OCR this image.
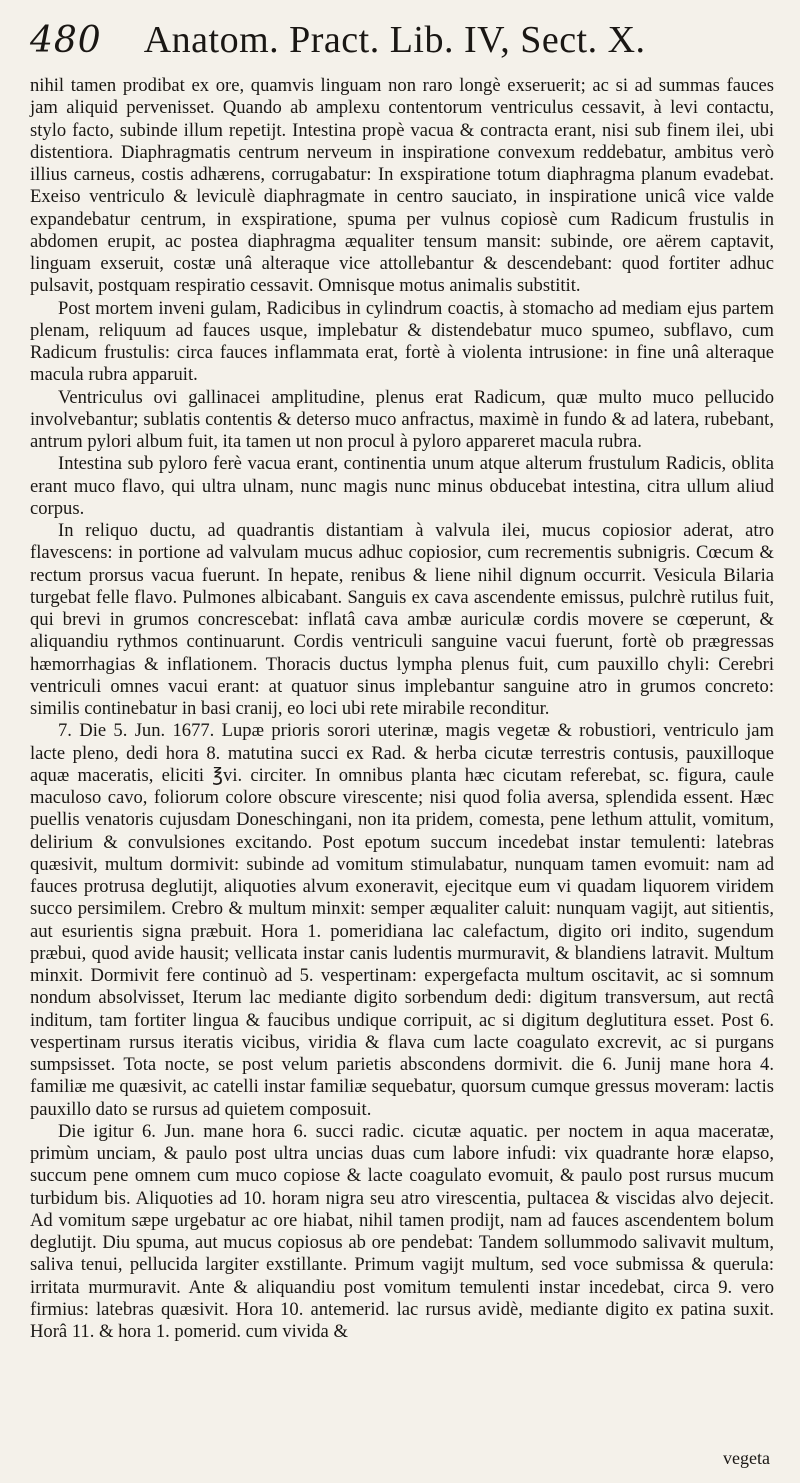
480 Anatom. Pract. Lib. IV, Sect. X.

nihil tamen prodibat ex ore, quamvis linguam non raro longè exseruerit; ac si ad summas fauces jam aliquid pervenisset. Quando ab amplexu contentorum ventriculus cessavit, à levi contactu, stylo facto, subinde illum repetijt. Intestina propè vacua & contracta erant, nisi sub finem ilei, ubi distentiora. Diaphragmatis centrum nerveum in inspiratione convexum reddebatur, ambitus verò illius carneus, costis adhærens, corrugabatur: In exspiratione totum diaphragma planum evadebat. Exeiso ventriculo & leviculè diaphragmate in centro sauciato, in inspiratione unicâ vice valde expandebatur centrum, in exspiratione, spuma per vulnus copiosè cum Radicum frustulis in abdomen erupit, ac postea diaphragma æqualiter tensum mansit: subinde, ore aërem captavit, linguam exseruit, costæ unâ alteraque vice attollebantur & descendebant: quod fortiter adhuc pulsavit, postquam respiratio cessavit. Omnisque motus animalis substitit.

Post mortem inveni gulam, Radicibus in cylindrum coactis, à stomacho ad mediam ejus partem plenam, reliquum ad fauces usque, implebatur & distendebatur muco spumeo, subflavo, cum Radicum frustulis: circa fauces inflammata erat, fortè à violenta intrusione: in fine unâ alteraque macula rubra apparuit.

Ventriculus ovi gallinacei amplitudine, plenus erat Radicum, quæ multo muco pellucido involvebantur; sublatis contentis & deterso muco anfractus, maximè in fundo & ad latera, rubebant, antrum pylori album fuit, ita tamen ut non procul à pyloro appareret macula rubra.

Intestina sub pyloro ferè vacua erant, continentia unum atque alterum frustulum Radicis, oblita erant muco flavo, qui ultra ulnam, nunc magis nunc minus obducebat intestina, citra ullum aliud corpus.

In reliquo ductu, ad quadrantis distantiam à valvula ilei, mucus copiosior aderat, atro flavescens: in portione ad valvulam mucus adhuc copiosior, cum recrementis subnigris. Cœcum & rectum prorsus vacua fuerunt. In hepate, renibus & liene nihil dignum occurrit. Vesicula Bilaria turgebat felle flavo. Pulmones albicabant. Sanguis ex cava ascendente emissus, pulchrè rutilus fuit, qui brevi in grumos concrescebat: inflatâ cava ambæ auriculæ cordis movere se cœperunt, & aliquandiu rythmos continuarunt. Cordis ventriculi sanguine vacui fuerunt, fortè ob prægressas hæmorrhagias & inflationem. Thoracis ductus lympha plenus fuit, cum pauxillo chyli: Cerebri ventriculi omnes vacui erant: at quatuor sinus implebantur sanguine atro in grumos concreto: similis continebatur in basi cranij, eo loci ubi rete mirabile reconditur.

7. Die 5. Jun. 1677. Lupæ prioris sorori uterinæ, magis vegetæ & robustiori, ventriculo jam lacte pleno, dedi hora 8. matutina succi ex Rad. & herba cicutæ terrestris contusis, pauxilloque aquæ maceratis, eliciti ℥vi. circiter. In omnibus planta hæc cicutam referebat, sc. figura, caule maculoso cavo, foliorum colore obscure virescente; nisi quod folia aversa, splendida essent. Hæc puellis venatoris cujusdam Doneschingani, non ita pridem, comesta, pene lethum attulit, vomitum, delirium & convulsiones excitando. Post epotum succum incedebat instar temulenti: latebras quæsivit, multum dormivit: subinde ad vomitum stimulabatur, nunquam tamen evomuit: nam ad fauces protrusa deglutijt, aliquoties alvum exoneravit, ejecitque eum vi quadam liquorem viridem succo persimilem. Crebro & multum minxit: semper æqualiter caluit: nunquam vagijt, aut sitientis, aut esurientis signa præbuit. Hora 1. pomeridiana lac calefactum, digito ori indito, sugendum præbui, quod avide hausit; vellicata instar canis ludentis murmuravit, & blandiens latravit. Multum minxit. Dormivit fere continuò ad 5. vespertinam: expergefacta multum oscitavit, ac si somnum nondum absolvisset, Iterum lac mediante digito sorbendum dedi: digitum transversum, aut rectâ inditum, tam fortiter lingua & faucibus undique corripuit, ac si digitum deglutitura esset. Post 6. vespertinam rursus iteratis vicibus, viridia & flava cum lacte coagulato excrevit, ac si purgans sumpsisset. Tota nocte, se post velum parietis abscondens dormivit. die 6. Junij mane hora 4. familiæ me quæsivit, ac catelli instar familiæ sequebatur, quorsum cumque gressus moveram: lactis pauxillo dato se rursus ad quietem composuit.

Die igitur 6. Jun. mane hora 6. succi radic. cicutæ aquatic. per noctem in aqua maceratæ, primùm unciam, & paulo post ultra uncias duas cum labore infudi: vix quadrante horæ elapso, succum pene omnem cum muco copiose & lacte coagulato evomuit, & paulo post rursus mucum turbidum bis. Aliquoties ad 10. horam nigra seu atro virescentia, pultacea & viscidas alvo dejecit. Ad vomitum sæpe urgebatur ac ore hiabat, nihil tamen prodijt, nam ad fauces ascendentem bolum deglutijt. Diu spuma, aut mucus copiosus ab ore pendebat: Tandem sollummodo salivavit multum, saliva tenui, pellucida largiter exstillante. Primum vagijt multum, sed voce submissa & querula: irritata murmuravit. Ante & aliquandiu post vomitum temulenti instar incedebat, circa 9. vero firmius: latebras quæsivit. Hora 10. antemerid. lac rursus avidè, mediante digito ex patina suxit. Horâ 11. & hora 1. pomerid. cum vivida &

vegeta
